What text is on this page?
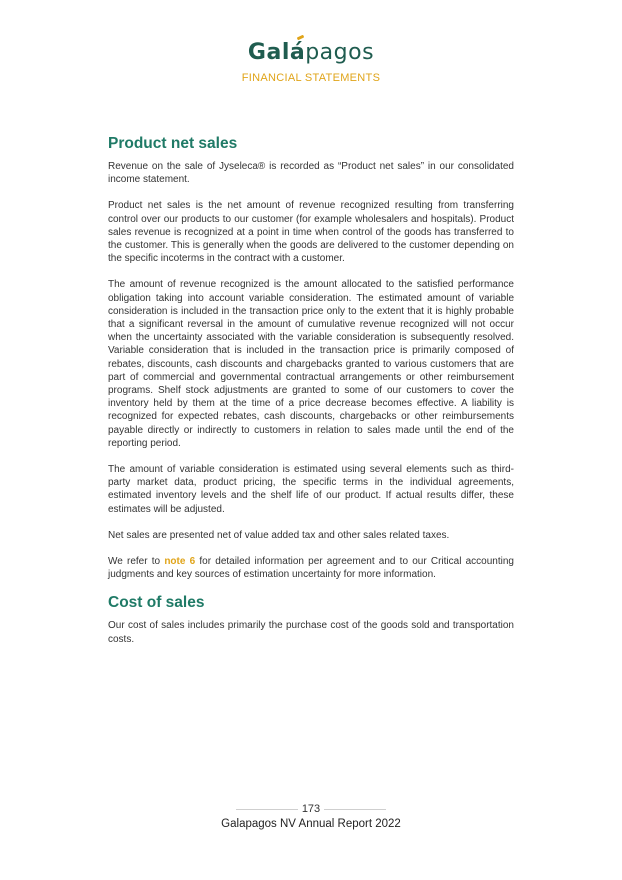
Galá
pagos
FINANCIAL STATEMENTS
Product net sales

Revenue on the sale of Jyseleca® is recorded as “Product net sales” in our consolidated income statement.

Product net sales is the net amount of revenue recognized resulting from transferring control over our products to our customer (for example wholesalers and hospitals). Product sales revenue is recognized at a point in time when control of the goods has transferred to the customer. This is generally when the goods are delivered to the customer depending on the specific incoterms in the contract with a customer.

The amount of revenue recognized is the amount allocated to the satisfied performance obligation taking into account variable consideration. The estimated amount of variable consideration is included in the transaction price only to the extent that it is highly probable that a significant reversal in the amount of cumulative revenue recognized will not occur when the uncertainty associated with the variable consideration is subsequently resolved. Variable consideration that is included in the transaction price is primarily composed of rebates, discounts, cash discounts and chargebacks granted to various customers that are part of commercial and governmental contractual arrangements or other reimbursement programs. Shelf stock adjustments are granted to some of our customers to cover the inventory held by them at the time of a price decrease becomes effective. A liability is recognized for expected rebates, cash discounts, chargebacks or other reimbursements payable directly or indirectly to customers in relation to sales made until the end of the reporting period.

The amount of variable consideration is estimated using several elements such as third-party market data, product pricing, the specific terms in the individual agreements, estimated inventory levels and the shelf life of our product. If actual results differ, these estimates will be adjusted.

Net sales are presented net of value added tax and other sales related taxes.

We refer to note 6 for detailed information per agreement and to our Critical accounting judgments and key sources of estimation uncertainty for more information.

Cost of sales

Our cost of sales includes primarily the purchase cost of the goods sold and transportation costs.

173
Galapagos NV Annual Report 2022
